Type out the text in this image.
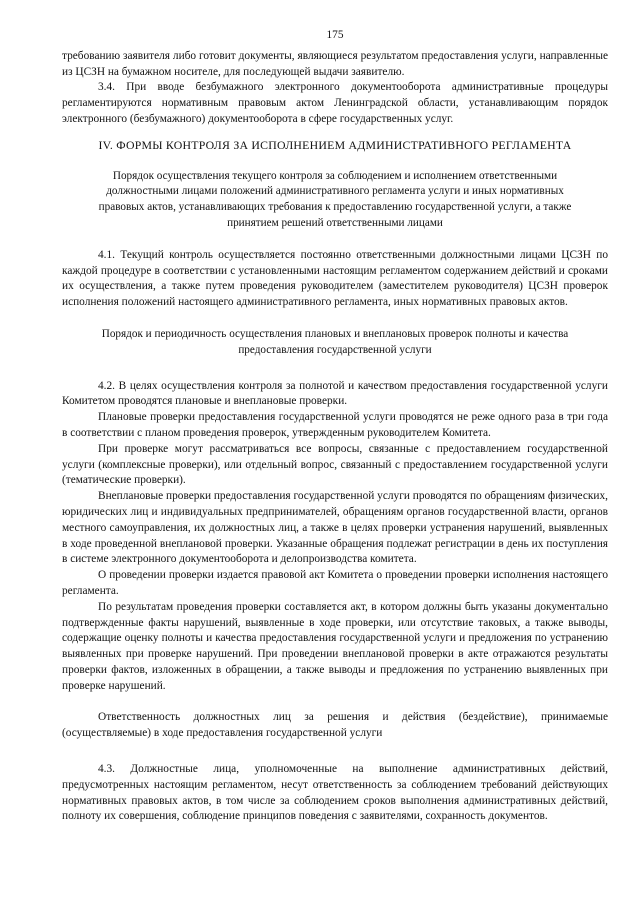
175

требованию заявителя либо готовит документы, являющиеся результатом предоставления услуги, направленные из ЦСЗН на бумажном носителе, для последующей выдачи заявителю.

3.4. При вводе безбумажного электронного документооборота административные процедуры регламентируются нормативным правовым актом Ленинградской области, устанавливающим порядок электронного (безбумажного) документооборота в сфере государственных услуг.

IV. ФОРМЫ КОНТРОЛЯ ЗА ИСПОЛНЕНИЕМ АДМИНИСТРАТИВНОГО РЕГЛАМЕНТА
Порядок осуществления текущего контроля за соблюдением и исполнением ответственными должностными лицами положений административного регламента услуги и иных нормативных правовых актов, устанавливающих требования к предоставлению государственной услуги, а также принятием решений ответственными лицами

4.1. Текущий контроль осуществляется постоянно ответственными должностными лицами ЦСЗН по каждой процедуре в соответствии с установленными настоящим регламентом содержанием действий и сроками их осуществления, а также путем проведения руководителем (заместителем руководителя) ЦСЗН проверок исполнения положений настоящего административного регламента, иных нормативных правовых актов.

Порядок и периодичность осуществления плановых и внеплановых проверок полноты и качества предоставления государственной услуги

4.2. В целях осуществления контроля за полнотой и качеством предоставления государственной услуги Комитетом проводятся плановые и внеплановые проверки.

Плановые проверки предоставления государственной услуги проводятся не реже одного раза в три года в соответствии с планом проведения проверок, утвержденным руководителем Комитета.

При проверке могут рассматриваться все вопросы, связанные с предоставлением государственной услуги (комплексные проверки), или отдельный вопрос, связанный с предоставлением государственной услуги (тематические проверки).

Внеплановые проверки предоставления государственной услуги проводятся по обращениям физических, юридических лиц и индивидуальных предпринимателей, обращениям органов государственной власти, органов местного самоуправления, их должностных лиц, а также в целях проверки устранения нарушений, выявленных в ходе проведенной внеплановой проверки. Указанные обращения подлежат регистрации в день их поступления в системе электронного документооборота и делопроизводства комитета.

О проведении проверки издается правовой акт Комитета о проведении проверки исполнения настоящего регламента.

По результатам проведения проверки составляется акт, в котором должны быть указаны документально подтвержденные факты нарушений, выявленные в ходе проверки, или отсутствие таковых, а также выводы, содержащие оценку полноты и качества предоставления государственной услуги и предложения по устранению выявленных при проверке нарушений. При проведении внеплановой проверки в акте отражаются результаты проверки фактов, изложенных в обращении, а также выводы и предложения по устранению выявленных при проверке нарушений.

Ответственность должностных лиц за решения и действия (бездействие), принимаемые (осуществляемые) в ходе предоставления государственной услуги

4.3. Должностные лица, уполномоченные на выполнение административных действий, предусмотренных настоящим регламентом, несут ответственность за соблюдением требований действующих нормативных правовых актов, в том числе за соблюдением сроков выполнения административных действий, полноту их совершения, соблюдение принципов поведения с заявителями, сохранность документов.
